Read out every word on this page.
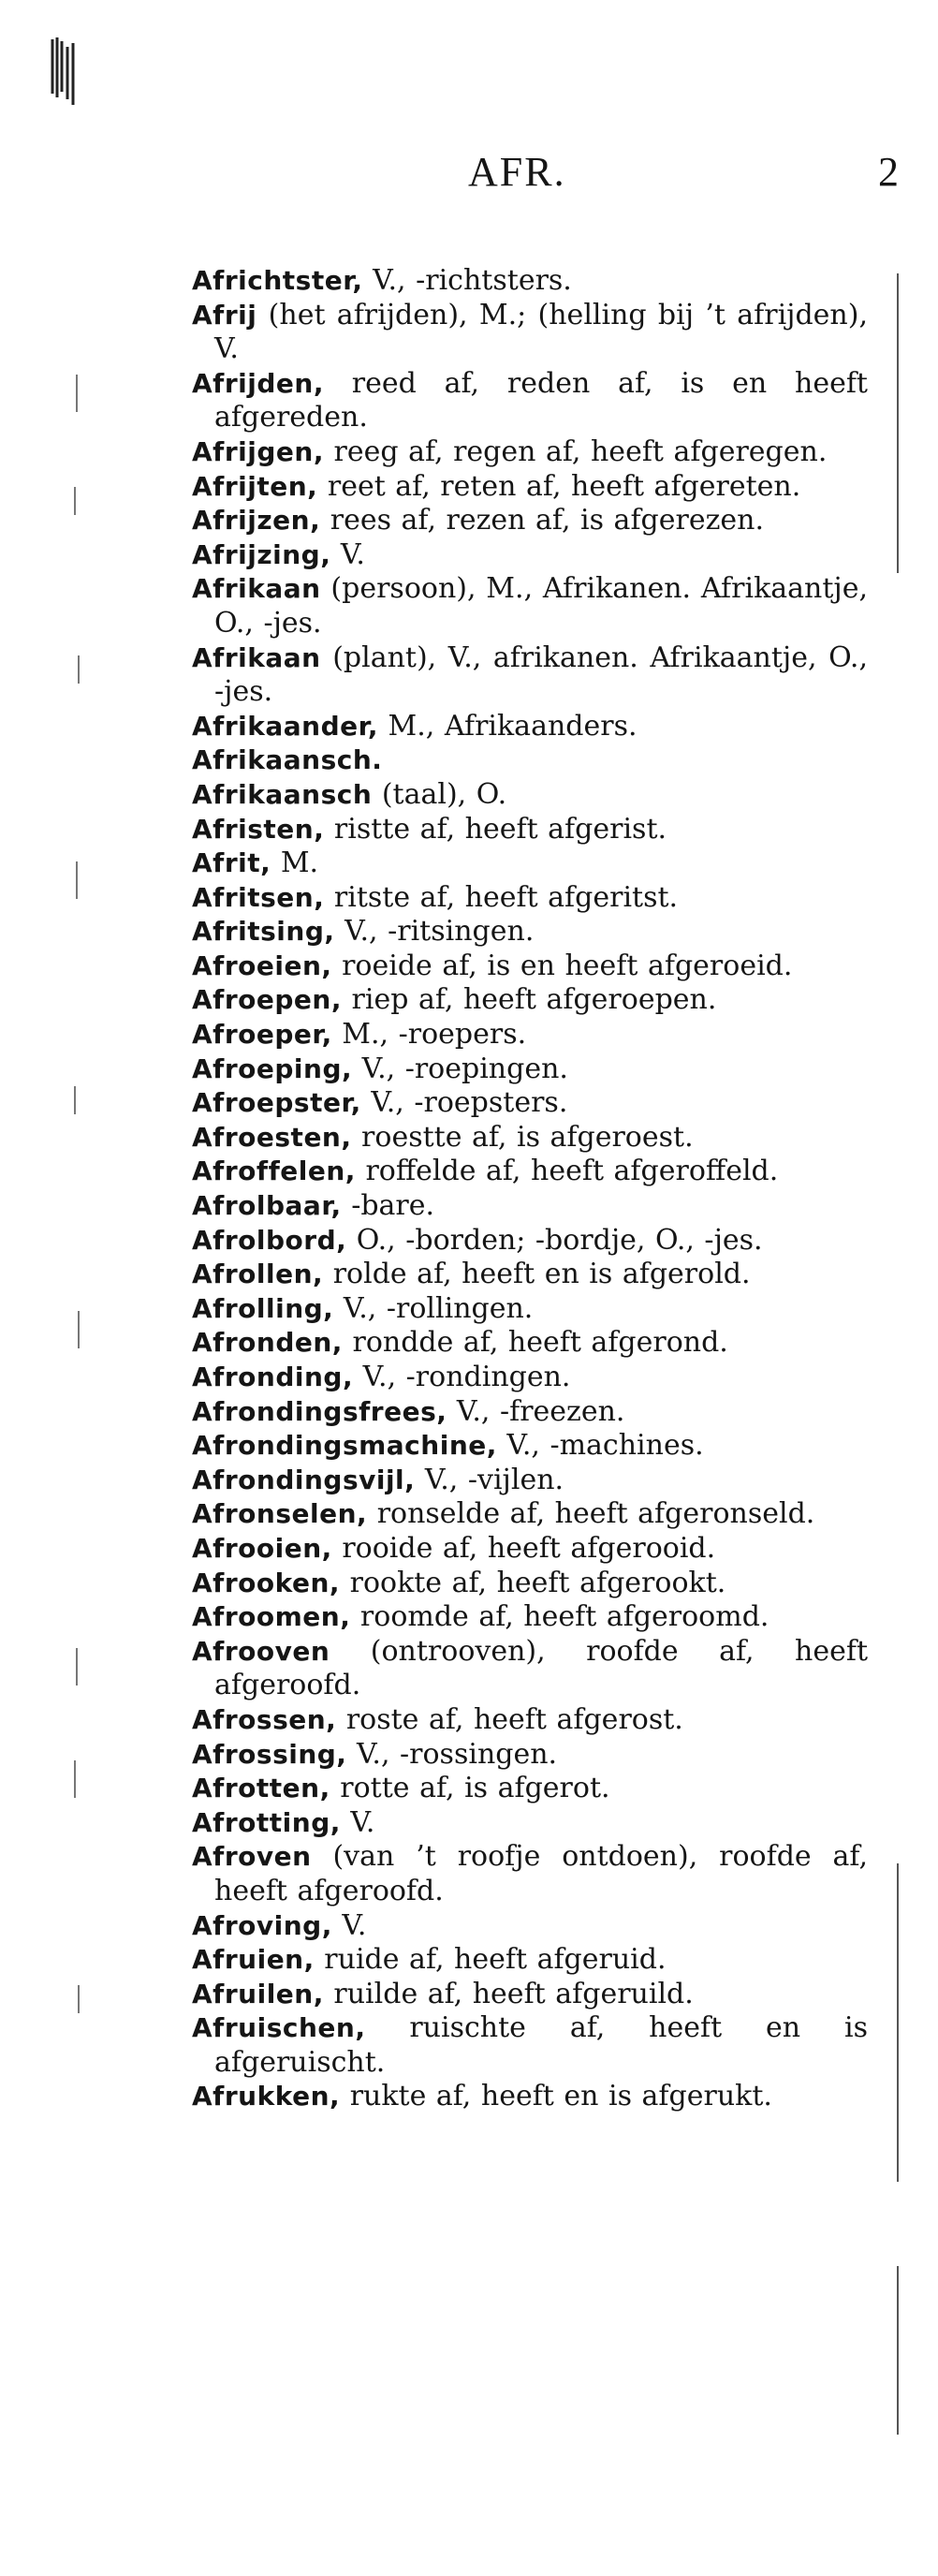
AFR.	2
Africhtster, V., -richtsters.
Afrij (het afrijden), M.; (helling bij ’t afrijden), V.
Afrijden, reed af, reden af, is en heeft afgereden.
Afrijgen, reeg af, regen af, heeft afgeregen.
Afrijten, reet af, reten af, heeft afgereten.
Afrijzen, rees af, rezen af, is afgerezen.
Afrijzing, V.
Afrikaan (persoon), M., Afrikanen. Afrikaantje, O., -jes.
Afrikaan (plant), V., afrikanen. Afrikaantje, O., -jes.
Afrikaander, M., Afrikaanders.
Afrikaansch.
Afrikaansch (taal), O.
Afristen, ristte af, heeft afgerist.
Afrit, M.
Afritsen, ritste af, heeft afgeritst.
Afritsing, V., -ritsingen.
Afroeien, roeide af, is en heeft afgeroeid.
Afroepen, riep af, heeft afgeroepen.
Afroeper, M., -roepers.
Afroeping, V., -roepingen.
Afroepster, V., -roepsters.
Afroesten, roestte af, is afgeroest.
Afroffelen, roffelde af, heeft afgeroffeld.
Afrolbaar, -bare.
Afrolbord, O., -borden; -bordje, O., -jes.
Afrollen, rolde af, heeft en is afgerold.
Afrolling, V., -rollingen.
Afronden, rondde af, heeft afgerond.
Afronding, V., -rondingen.
Afrondingsfrees, V., -freezen.
Afrondingsmachine, V., -machines.
Afrondingsvijl, V., -vijlen.
Afronselen, ronselde af, heeft afgeronseld.
Afrooien, rooide af, heeft afgerooid.
Afrooken, rookte af, heeft afgerookt.
Afroomen, roomde af, heeft afgeroomd.
Afrooven (ontrooven), roofde af, heeft afgeroofd.
Afrossen, roste af, heeft afgerost.
Afrossing, V., -rossingen.
Afrotten, rotte af, is afgerot.
Afrotting, V.
Afroven (van ’t roofje ontdoen), roofde af, heeft afgeroofd.
Afroving, V.
Afruien, ruide af, heeft afgeruid.
Afruilen, ruilde af, heeft afgeruild.
Afruischen, ruischte af, heeft en is afgeruischt.
Afrukken, rukte af, heeft en is afgerukt.
